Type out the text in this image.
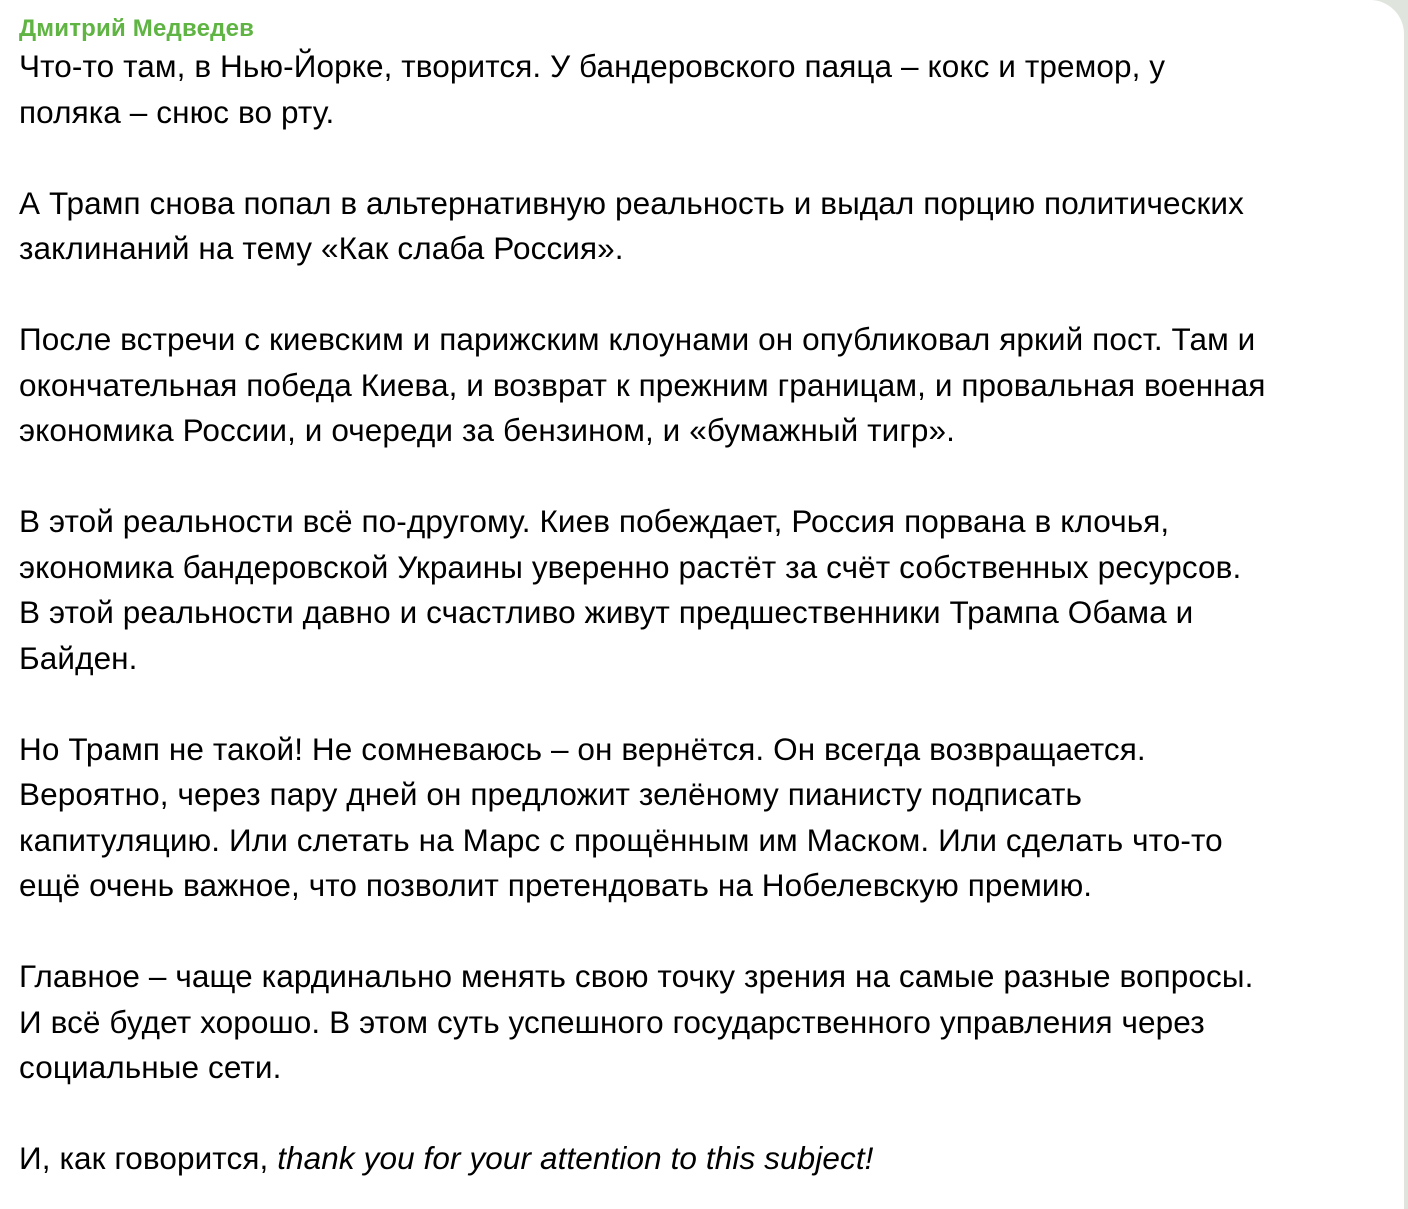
Дмитрий Медведев

Что-то там, в Нью-Йорке, творится. У бандеровского паяца – кокс и тремор, у
поляка – снюс во рту.

А Трамп снова попал в альтернативную реальность и выдал порцию политических
заклинаний на тему «Как слаба Россия».

После встречи с киевским и парижским клоунами он опубликовал яркий пост. Там и
окончательная победа Киева, и возврат к прежним границам, и провальная военная
экономика России, и очереди за бензином, и «бумажный тигр».

В этой реальности всё по-другому. Киев побеждает, Россия порвана в клочья,
экономика бандеровской Украины уверенно растёт за счёт собственных ресурсов.
В этой реальности давно и счастливо живут предшественники Трампа Обама и
Байден.

Но Трамп не такой! Не сомневаюсь – он вернётся. Он всегда возвращается.
Вероятно, через пару дней он предложит зелёному пианисту подписать
капитуляцию. Или слетать на Марс с прощённым им Маском. Или сделать что-то
ещё очень важное, что позволит претендовать на Нобелевскую премию.

Главное – чаще кардинально менять свою точку зрения на самые разные вопросы.
И всё будет хорошо. В этом суть успешного государственного управления через
социальные сети.

И, как говорится, thank you for your attention to this subject!
